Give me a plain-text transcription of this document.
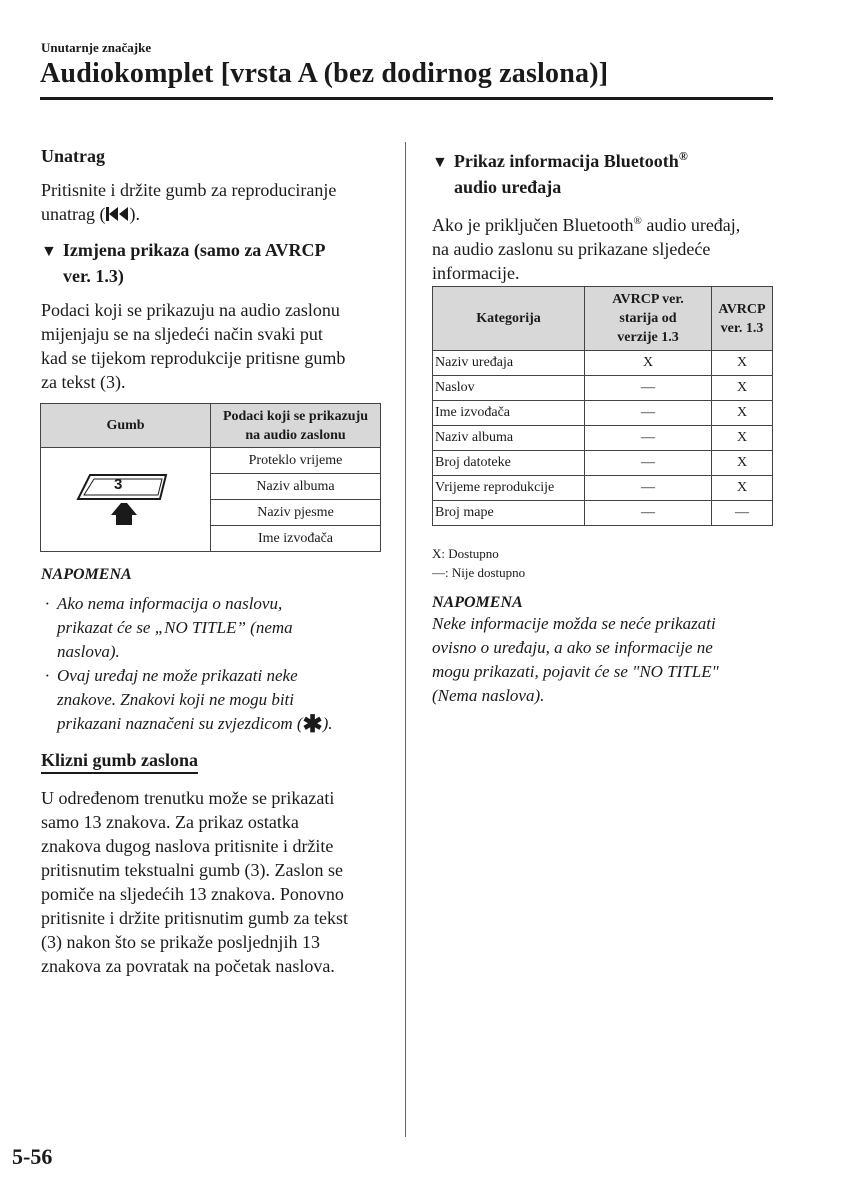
Unutarnje značajke
Audiokomplet [vrsta A (bez dodirnog zaslona)]
Unatrag
Pritisnite i držite gumb za reproduciranje
unatrag ( ).
▼ Izmjena prikaza (samo za AVRCP
ver. 1.3)
Podaci koji se prikazuju na audio zaslonu
mijenjaju se na sljedeći način svaki put
kad se tijekom reprodukcije pritisne gumb
za tekst (3).
Gumb	Podaci koji se prikazuju
na audio zaslonu
	Proteklo vrijeme
	Naziv albuma
	Naziv pjesme
	Ime izvođača
3
NAPOMENA
· Ako nema informacija o naslovu,
prikazat će se „NO TITLE” (nema
naslova).
· Ovaj uređaj ne može prikazati neke
znakove. Znakovi koji ne mogu biti
prikazani naznačeni su zvjezdicom (✱).
Klizni gumb zaslona
U određenom trenutku može se prikazati
samo 13 znakova. Za prikaz ostatka
znakova dugog naslova pritisnite i držite
pritisnutim tekstualni gumb (3). Zaslon se
pomiče na sljedećih 13 znakova. Ponovno
pritisnite i držite pritisnutim gumb za tekst
(3) nakon što se prikaže posljednjih 13
znakova za povratak na početak naslova.
▼ Prikaz informacija Bluetooth®
audio uređaja
Ako je priključen Bluetooth® audio uređaj,
na audio zaslonu su prikazane sljedeće
informacije.
Kategorija	AVRCP ver.
starija od
verzije 1.3	AVRCP
ver. 1.3
Naziv uređaja	X	X
Naslov	—	X
Ime izvođača	—	X
Naziv albuma	—	X
Broj datoteke	—	X
Vrijeme reprodukcije	—	X
Broj mape	—	—
X: Dostupno
—: Nije dostupno
NAPOMENA
Neke informacije možda se neće prikazati
ovisno o uređaju, a ako se informacije ne
mogu prikazati, pojavit će se "NO TITLE"
(Nema naslova).
5-56
